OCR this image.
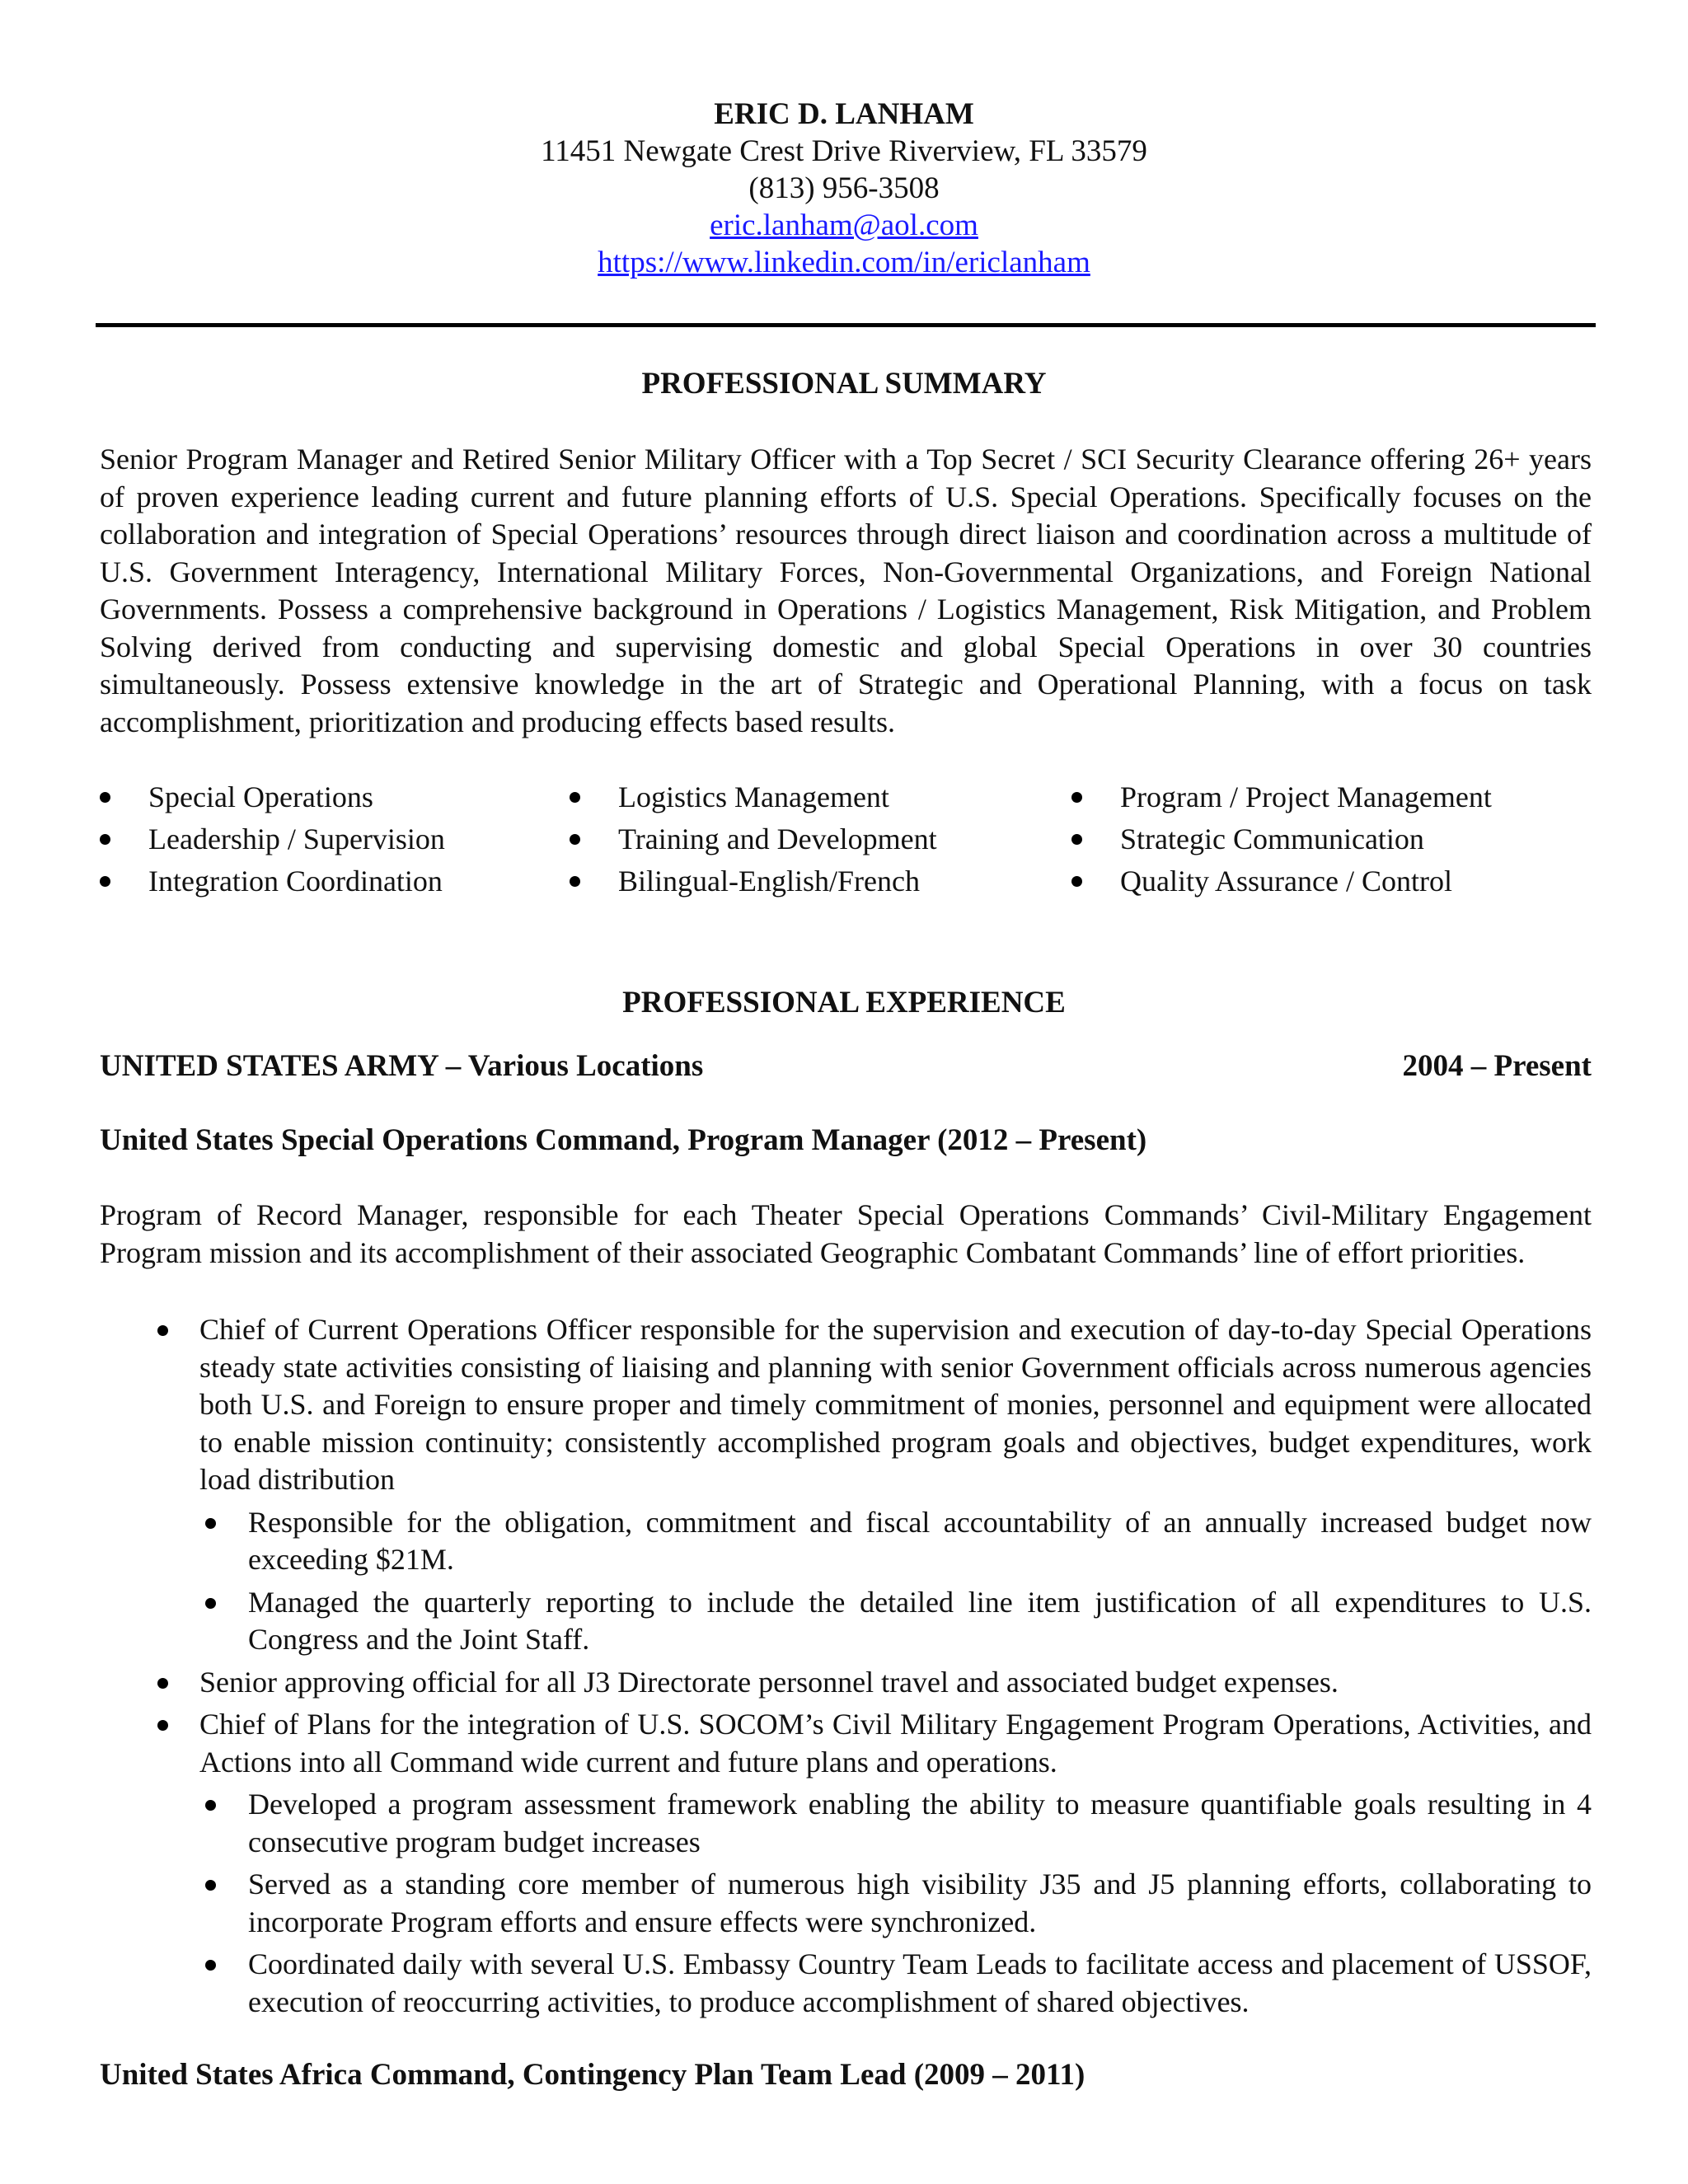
ERIC D. LANHAM
11451 Newgate Crest Drive Riverview, FL 33579
(813) 956-3508
eric.lanham@aol.com
https://www.linkedin.com/in/ericlanham
PROFESSIONAL SUMMARY
Senior Program Manager and Retired Senior Military Officer with a Top Secret / SCI Security Clearance offering 26+ years of proven experience leading current and future planning efforts of U.S. Special Operations. Specifically focuses on the collaboration and integration of Special Operations’ resources through direct liaison and coordination across a multitude of U.S. Government Interagency, International Military Forces, Non-Governmental Organizations, and Foreign National Governments. Possess a comprehensive background in Operations / Logistics Management, Risk Mitigation, and Problem Solving derived from conducting and supervising domestic and global Special Operations in over 30 countries simultaneously. Possess extensive knowledge in the art of Strategic and Operational Planning, with a focus on task accomplishment, prioritization and producing effects based results.
Special Operations
Leadership / Supervision
Integration Coordination
Logistics Management
Training and Development
Bilingual-English/French
Program / Project Management
Strategic Communication
Quality Assurance / Control
PROFESSIONAL EXPERIENCE
UNITED STATES ARMY – Various Locations	2004 – Present
United States Special Operations Command, Program Manager (2012 – Present)
Program of Record Manager, responsible for each Theater Special Operations Commands’ Civil-Military Engagement Program mission and its accomplishment of their associated Geographic Combatant Commands’ line of effort priorities.
Chief of Current Operations Officer responsible for the supervision and execution of day-to-day Special Operations steady state activities consisting of liaising and planning with senior Government officials across numerous agencies both U.S. and Foreign to ensure proper and timely commitment of monies, personnel and equipment were allocated to enable mission continuity; consistently accomplished program goals and objectives, budget expenditures, work load distribution
Responsible for the obligation, commitment and fiscal accountability of an annually increased budget now exceeding $21M.
Managed the quarterly reporting to include the detailed line item justification of all expenditures to U.S. Congress and the Joint Staff.
Senior approving official for all J3 Directorate personnel travel and associated budget expenses.
Chief of Plans for the integration of U.S. SOCOM’s Civil Military Engagement Program Operations, Activities, and Actions into all Command wide current and future plans and operations.
Developed a program assessment framework enabling the ability to measure quantifiable goals resulting in 4 consecutive program budget increases
Served as a standing core member of numerous high visibility J35 and J5 planning efforts, collaborating to incorporate Program efforts and ensure effects were synchronized.
Coordinated daily with several U.S. Embassy Country Team Leads to facilitate access and placement of USSOF, execution of reoccurring activities, to produce accomplishment of shared objectives.
United States Africa Command, Contingency Plan Team Lead (2009 – 2011)
